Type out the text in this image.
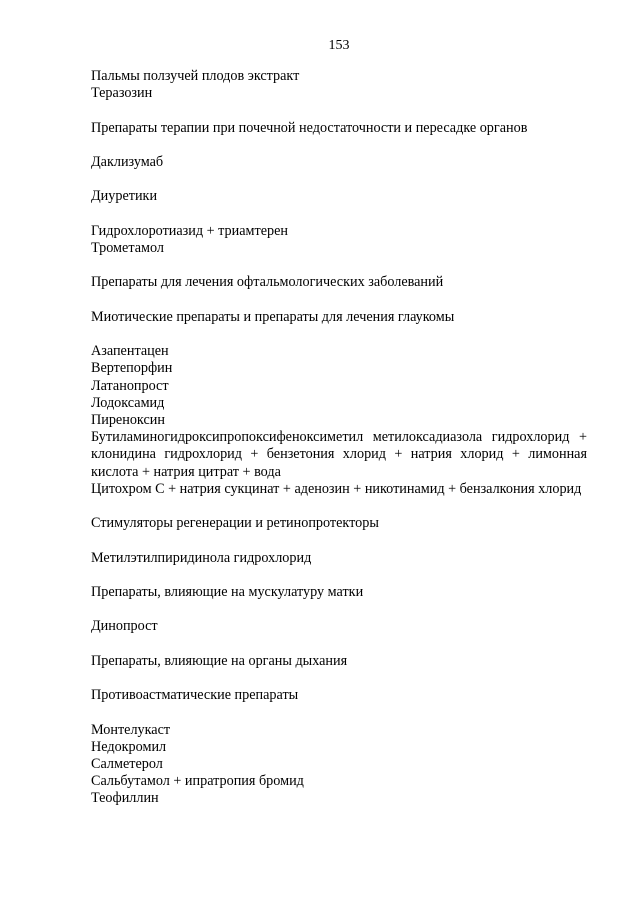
153
Пальмы ползучей плодов экстракт
Теразозин
Препараты терапии при почечной недостаточности и пересадке органов
Даклизумаб
Диуретики
Гидрохлоротиазид + триамтерен
Трометамол
Препараты для лечения офтальмологических заболеваний
Миотические препараты и препараты для лечения глаукомы
Азапентацен
Вертепорфин
Латанопрост
Лодоксамид
Пиреноксин
Бутиламиногидроксипропоксифеноксиметил метилоксадиазола гидрохлорид + клонидина гидрохлорид + бензетония хлорид + натрия хлорид + лимонная кислота + натрия цитрат + вода
Цитохром С + натрия сукцинат + аденозин + никотинамид + бензалкония хлорид
Стимуляторы регенерации и ретинопротекторы
Метилэтилпиридинола гидрохлорид
Препараты, влияющие на мускулатуру матки
Динопрост
Препараты, влияющие на органы дыхания
Противоастматические препараты
Монтелукаст
Недокромил
Салметерол
Сальбутамол + ипратропия бромид
Теофиллин
